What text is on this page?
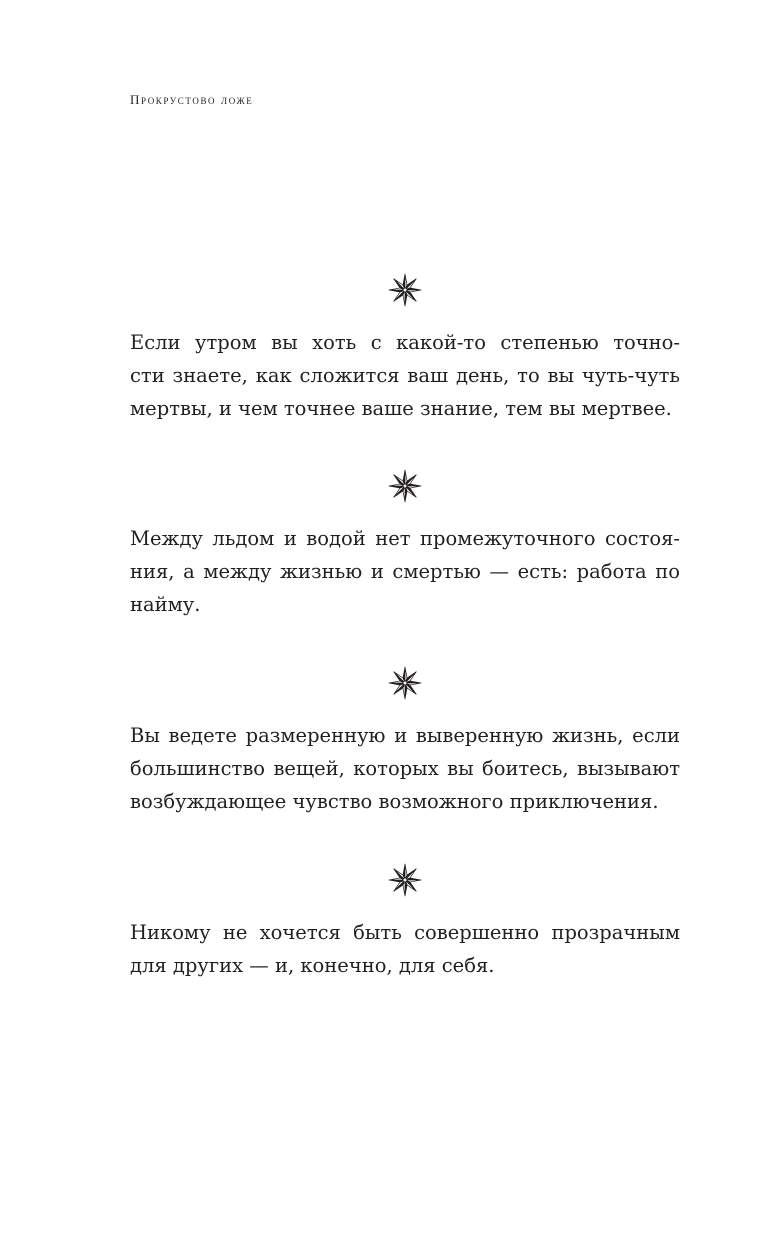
Прокрустово ложе
Если утром вы хоть с какой-то степенью точно-
сти знаете, как сложится ваш день, то вы чуть-чуть
мертвы, и чем точнее ваше знание, тем вы мертвее.
Между льдом и водой нет промежуточного состоя-
ния, а между жизнью и смертью — есть: работа по
найму.
Вы ведете размеренную и выверенную жизнь, если
большинство вещей, которых вы боитесь, вызывают
возбуждающее чувство возможного приключения.
Никому не хочется быть совершенно прозрачным
для других — и, конечно, для себя.
